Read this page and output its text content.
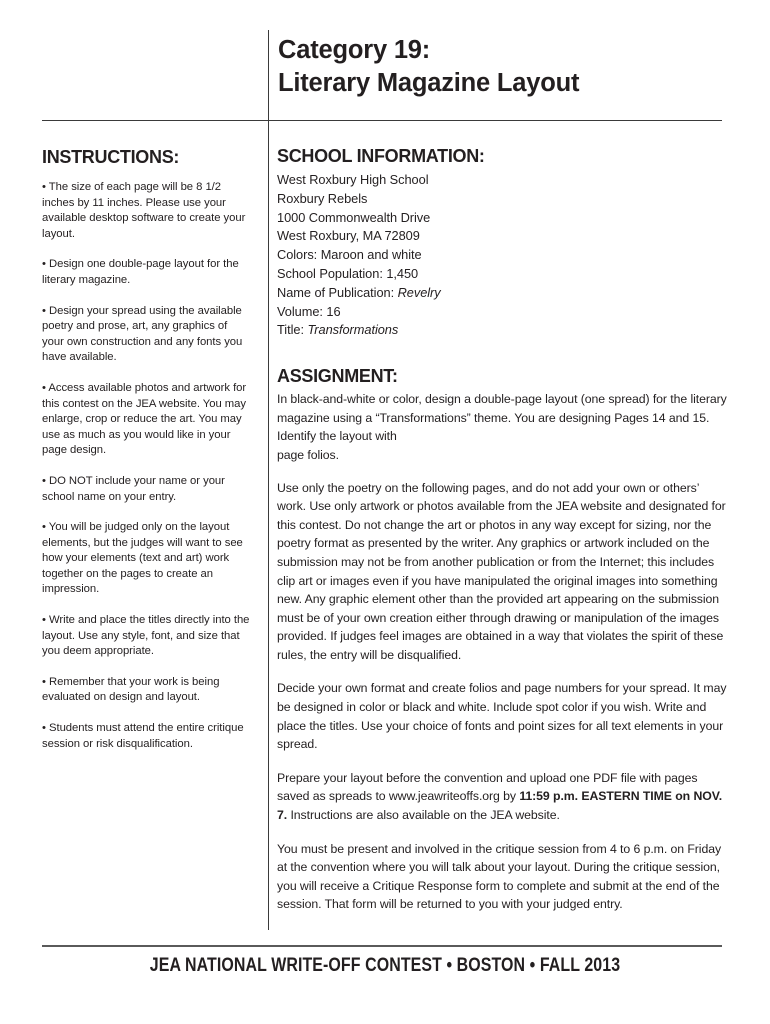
Category 19:
Literary Magazine Layout
INSTRUCTIONS:

• The size of each page will be 8 1/2 inches by 11 inches. Please use your available desktop software to create your layout.

• Design one double-page layout for the literary magazine.

• Design your spread using the available poetry and prose, art, any graphics of your own construction and any fonts you have available.

• Access available photos and artwork for this contest on the JEA website. You may enlarge, crop or reduce the art. You may use as much as you would like in your page design.

• DO NOT include your name or your school name on your entry.

• You will be judged only on the layout elements, but the judges will want to see how your elements (text and art) work together on the pages to create an impression.

• Write and place the titles directly into the layout. Use any style, font, and size that you deem appropriate.

• Remember that your work is being evaluated on design and layout.

• Students must attend the entire critique session or risk disqualification.

SCHOOL INFORMATION:
West Roxbury High School
Roxbury Rebels
1000 Commonwealth Drive
West Roxbury, MA 72809
Colors: Maroon and white
School Population: 1,450
Name of Publication: Revelry
Volume: 16
Title: Transformations
ASSIGNMENT:

In black-and-white or color, design a double-page layout (one spread) for the literary magazine using a “Transformations” theme. You are designing Pages 14 and 15. Identify the layout with
page folios.

Use only the poetry on the following pages, and do not add your own or others’ work. Use only artwork or photos available from the JEA website and designated for this contest. Do not change the art or photos in any way except for sizing, nor the poetry format as presented by the writer. Any graphics or artwork included on the submission may not be from another publication or from the Internet; this includes clip art or images even if you have manipulated the original images into something new. Any graphic element other than the provided art appearing on the submission must be of your own creation either through drawing or manipulation of the images provided. If judges feel images are obtained in a way that violates the spirit of these rules, the entry will be disqualified.

Decide your own format and create folios and page numbers for your spread. It may be designed in color or black and white. Include spot color if you wish. Write and place the titles. Use your choice of fonts and point sizes for all text elements in your spread.

Prepare your layout before the convention and upload one PDF file with pages saved as spreads to www.jeawriteoffs.org by 11:59 p.m. EASTERN TIME on NOV. 7. Instructions are also available on the JEA website.

You must be present and involved in the critique session from 4 to 6 p.m. on Friday at the convention where you will talk about your layout. During the critique session, you will receive a Critique Response form to complete and submit at the end of the session. That form will be returned to you with your judged entry.

JEA NATIONAL WRITE-OFF CONTEST • BOSTON • FALL 2013
